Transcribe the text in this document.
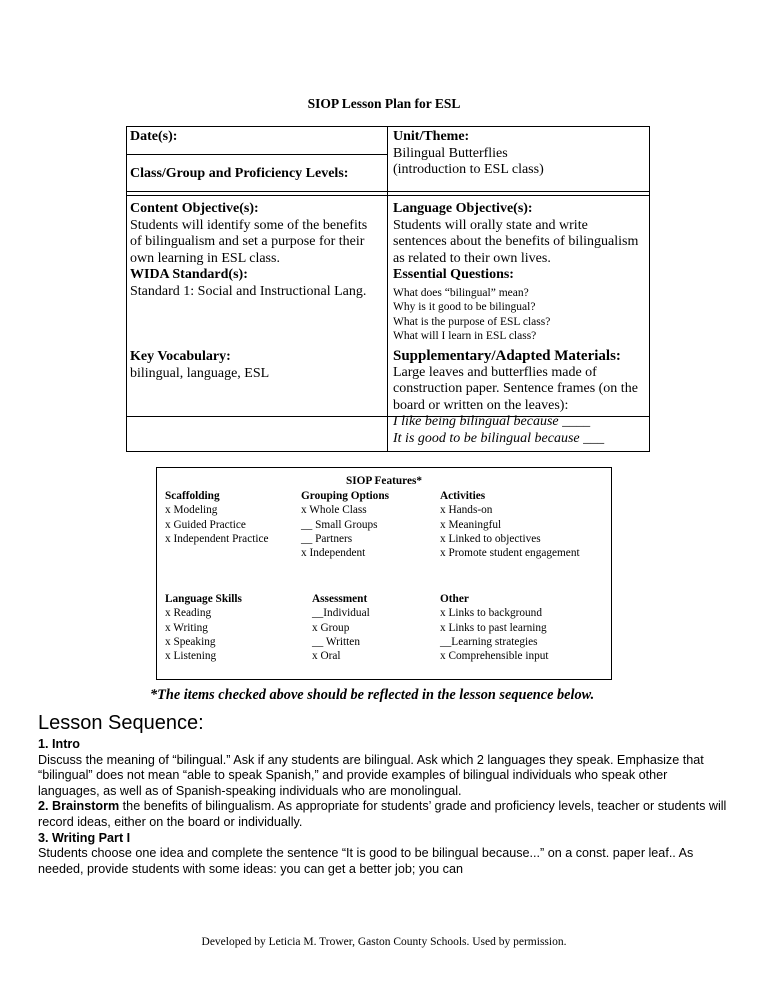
SIOP Lesson Plan for ESL
Date(s):
Class/Group and Proficiency Levels:
Unit/Theme:
Bilingual Butterflies
(introduction to ESL class)
Content Objective(s):
Students will identify some of the benefits
of bilingualism and set a purpose for their
own learning in ESL class.
WIDA Standard(s):
Standard 1: Social and Instructional Lang.
Language Objective(s):
Students will orally state and write
sentences about the benefits of bilingualism
as related to their own lives.
Essential Questions:
What does “bilingual” mean?
Why is it good to be bilingual?
What is the purpose of ESL class?
What will I learn in ESL class?
Key Vocabulary:
bilingual, language, ESL
Supplementary/Adapted Materials:
Large leaves and butterflies made of
construction paper. Sentence frames (on the
board or written on the leaves):
I like being bilingual because ____
It is good to be bilingual because ___
SIOP Features*
Scaffolding
x Modeling
x Guided Practice
x Independent Practice
Grouping Options
x Whole Class
__ Small Groups
__ Partners
x Independent
Activities
x Hands-on
x Meaningful
x Linked to objectives
x Promote student engagement
Language Skills
x Reading
x Writing
x Speaking
x Listening
Assessment
__Individual
x Group
__ Written
x Oral
Other
x Links to background
x Links to past learning
__Learning strategies
x Comprehensible input
*The items checked above should be reflected in the lesson sequence below.
Lesson Sequence:

1. Intro

Discuss the meaning of “bilingual.” Ask if any students are bilingual. Ask which 2 languages they speak. Emphasize that “bilingual” does not mean “able to speak Spanish,” and provide examples of bilingual individuals who speak other languages, as well as of Spanish-speaking individuals who are monolingual.

2. Brainstorm the benefits of bilingualism. As appropriate for students’ grade and proficiency levels, teacher or students will record ideas, either on the board or individually.

3. Writing Part I

Students choose one idea and complete the sentence “It is good to be bilingual because...” on a const. paper leaf.. As needed, provide students with some ideas: you can get a better job; you can

Developed by Leticia M. Trower, Gaston County Schools. Used by permission.
